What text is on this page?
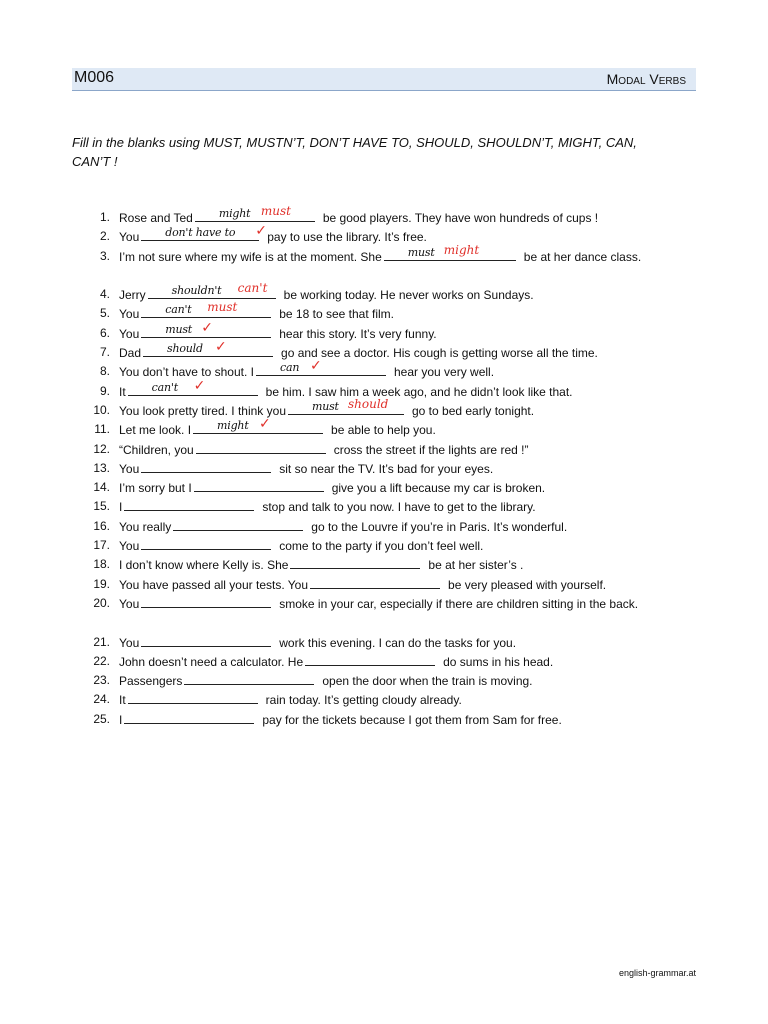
M006	Modal Verbs
Fill in the blanks using MUST, MUSTN’T, DON’T HAVE TO, SHOULD, SHOULDN’T, MIGHT, CAN, CAN’T !
1. Rose and Ted might must	be good players. They have won hundreds of cups !
2. You don't have to ✓ pay to use the library. It’s free.
3. I’m not sure where my wife is at the moment. She must might	be at her dance class.
4. Jerry shouldn't can't be working today. He never works on Sundays.
5. You can't must	be 18 to see that film.
6. You must ✓	hear this story. It’s very funny.
7. Dad should ✓	go and see a doctor. His cough is getting worse all the time.
8. You don’t have to shout. I can ✓	hear you very well.
9. It can't ✓	be him. I saw him a week ago, and he didn’t look like that.
10. You look pretty tired. I think you must should go to bed early tonight.
11. Let me look. I might ✓	be able to help you.
12. “Children, you	cross the street if the lights are red !”
13. You	sit so near the TV. It’s bad for your eyes.
14. I’m sorry but I	give you a lift because my car is broken.
15. I	stop and talk to you now. I have to get to the library.
16. You really	go to the Louvre if you’re in Paris. It’s wonderful.
17. You	come to the party if you don’t feel well.
18. I don’t know where Kelly is. She	be at her sister’s .
19. You have passed all your tests. You	be very pleased with yourself.
20. You	smoke in your car, especially if there are children sitting in the back.
21. You	work this evening. I can do the tasks for you.
22. John doesn’t need a calculator. He	do sums in his head.
23. Passengers	open the door when the train is moving.
24. It	rain today. It’s getting cloudy already.
25. I	pay for the tickets because I got them from Sam for free.
english-grammar.at
